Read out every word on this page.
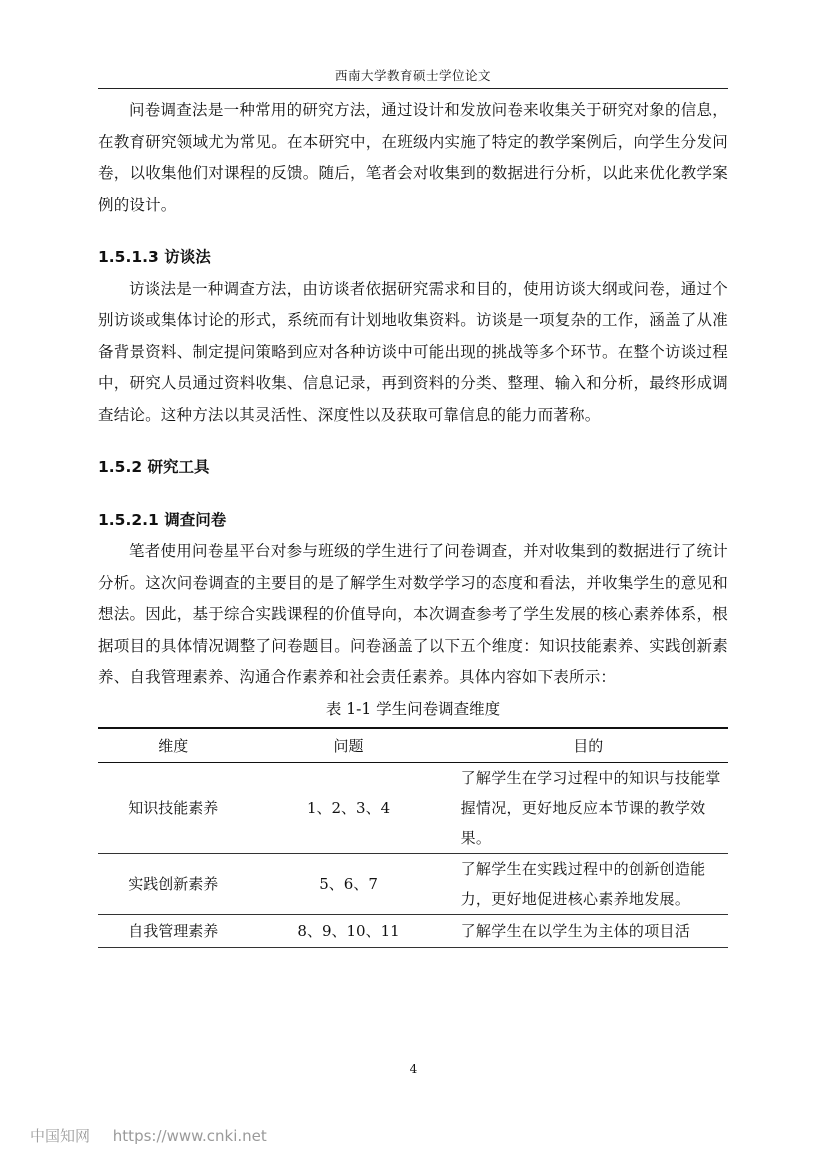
西南大学教育硕士学位论文

问卷调查法是一种常用的研究方法，通过设计和发放问卷来收集关于研究对象的信息，在教育研究领域尤为常见。在本研究中，在班级内实施了特定的教学案例后，向学生分发问卷，以收集他们对课程的反馈。随后，笔者会对收集到的数据进行分析，以此来优化教学案例的设计。

1.5.1.3 访谈法

访谈法是一种调查方法，由访谈者依据研究需求和目的，使用访谈大纲或问卷，通过个别访谈或集体讨论的形式，系统而有计划地收集资料。访谈是一项复杂的工作，涵盖了从准备背景资料、制定提问策略到应对各种访谈中可能出现的挑战等多个环节。在整个访谈过程中，研究人员通过资料收集、信息记录，再到资料的分类、整理、输入和分析，最终形成调查结论。这种方法以其灵活性、深度性以及获取可靠信息的能力而著称。

1.5.2 研究工具
1.5.2.1 调查问卷

笔者使用问卷星平台对参与班级的学生进行了问卷调查，并对收集到的数据进行了统计分析。这次问卷调查的主要目的是了解学生对数学学习的态度和看法，并收集学生的意见和想法。因此，基于综合实践课程的价值导向，本次调查参考了学生发展的核心素养体系，根据项目的具体情况调整了问卷题目。问卷涵盖了以下五个维度：知识技能素养、实践创新素养、自我管理素养、沟通合作素养和社会责任素养。具体内容如下表所示：

表 1-1 学生问卷调查维度
维度	问题	目的
知识技能素养	1、2、3、4	了解学生在学习过程中的知识与技能掌握情况，更好地反应本节课的教学效果。
实践创新素养	5、6、7	了解学生在实践过程中的创新创造能力，更好地促进核心素养地发展。
自我管理素养	8、9、10、11	了解学生在以学生为主体的项目活
4
中国知网 https://www.cnki.net
